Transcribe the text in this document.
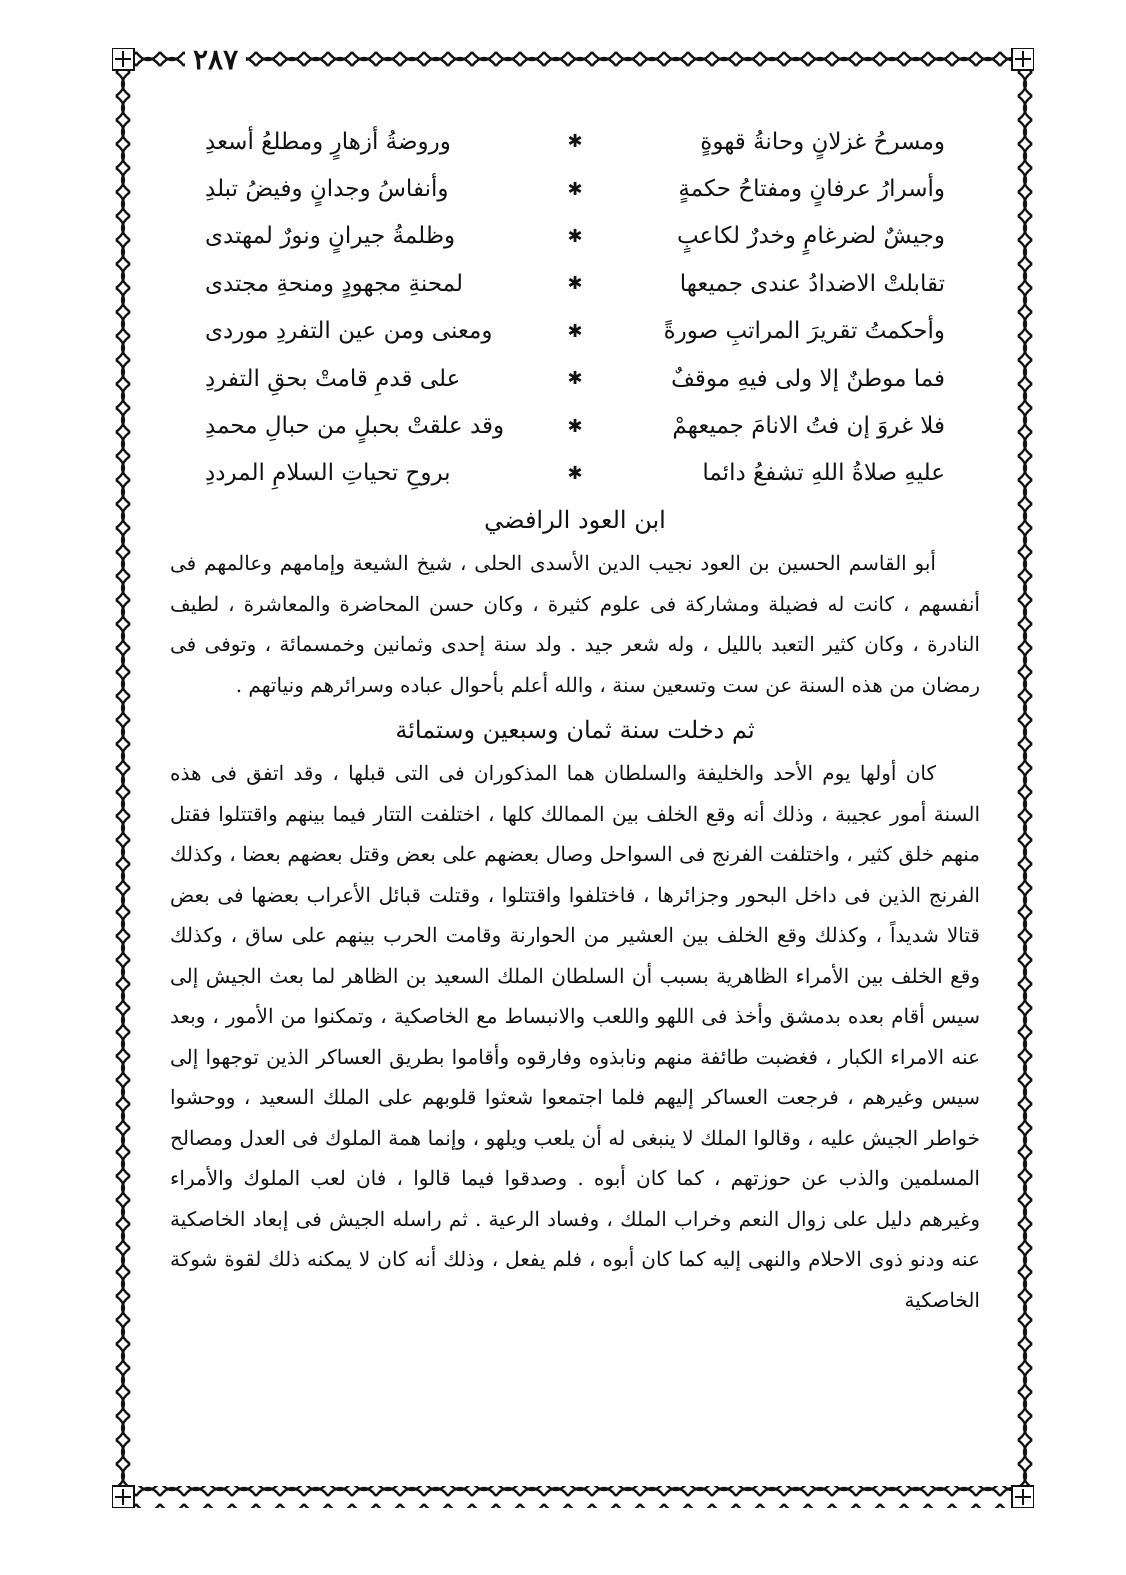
٢٨٧
ومسرحُ غزلانٍ وحانةُ قهوةٍ
✱
وروضةُ أزهارٍ ومطلعُ أسعدِ
وأسرارُ عرفانٍ ومفتاحُ حكمةٍ
✱
وأنفاسُ وجدانٍ وفيضُ تبلدِ
وجيشٌ لضرغامٍ وخدرٌ لكاعبٍ
✱
وظلمةُ جيرانٍ ونورٌ لمهتدى
تقابلتْ الاضدادُ عندى جميعها
✱
لمحنةِ مجهودٍ ومنحةِ مجتدى
وأحكمتُ تقريرَ المراتبِ صورةً
✱
ومعنى ومن عين التفردِ موردى
فما موطنٌ إلا ولى فيهِ موقفٌ
✱
على قدمِ قامتْ بحقِ التفردِ
فلا غروَ إن فتُ الانامَ جميعهمْ
✱
وقد علقتْ بحبلٍ من حبالِ محمدِ
عليهِ صلاةُ اللهِ تشفعُ دائما
✱
بروحِ تحياتِ السلامِ المرددِ
ابن العود الرافضي

أبو القاسم الحسين بن العود نجيب الدين الأسدى الحلى ، شيخ الشيعة وإمامهم وعالمهم فى أنفسهم ، كانت له فضيلة ومشاركة فى علوم كثيرة ، وكان حسن المحاضرة والمعاشرة ، لطيف النادرة ، وكان كثير التعبد بالليل ، وله شعر جيد . ولد سنة إحدى وثمانين وخمسمائة ، وتوفى فى رمضان من هذه السنة عن ست وتسعين سنة ، والله أعلم بأحوال عباده وسرائرهم ونياتهم .

ثم دخلت سنة ثمان وسبعين وستمائة

كان أولها يوم الأحد والخليفة والسلطان هما المذكوران فى التى قبلها ، وقد اتفق فى هذه السنة أمور عجيبة ، وذلك أنه وقع الخلف بين الممالك كلها ، اختلفت التتار فيما بينهم واقتتلوا فقتل منهم خلق كثير ، واختلفت الفرنج فى السواحل وصال بعضهم على بعض وقتل بعضهم بعضا ، وكذلك الفرنج الذين فى داخل البحور وجزائرها ، فاختلفوا واقتتلوا ، وقتلت قبائل الأعراب بعضها فى بعض قتالا شديداً ، وكذلك وقع الخلف بين العشير من الحوارنة وقامت الحرب بينهم على ساق ، وكذلك وقع الخلف بين الأمراء الظاهرية بسبب أن السلطان الملك السعيد بن الظاهر لما بعث الجيش إلى سيس أقام بعده بدمشق وأخذ فى اللهو واللعب والانبساط مع الخاصكية ، وتمكنوا من الأمور ، وبعد عنه الامراء الكبار ، فغضبت طائفة منهم ونابذوه وفارقوه وأقاموا بطريق العساكر الذين توجهوا إلى سيس وغيرهم ، فرجعت العساكر إليهم فلما اجتمعوا شعثوا قلوبهم على الملك السعيد ، ووحشوا خواطر الجيش عليه ، وقالوا الملك لا ينبغى له أن يلعب ويلهو ، وإنما همة الملوك فى العدل ومصالح المسلمين والذب عن حوزتهم ، كما كان أبوه . وصدقوا فيما قالوا ، فان لعب الملوك والأمراء وغيرهم دليل على زوال النعم وخراب الملك ، وفساد الرعية . ثم راسله الجيش فى إبعاد الخاصكية عنه ودنو ذوى الاحلام والنهى إليه كما كان أبوه ، فلم يفعل ، وذلك أنه كان لا يمكنه ذلك لقوة شوكة الخاصكية
